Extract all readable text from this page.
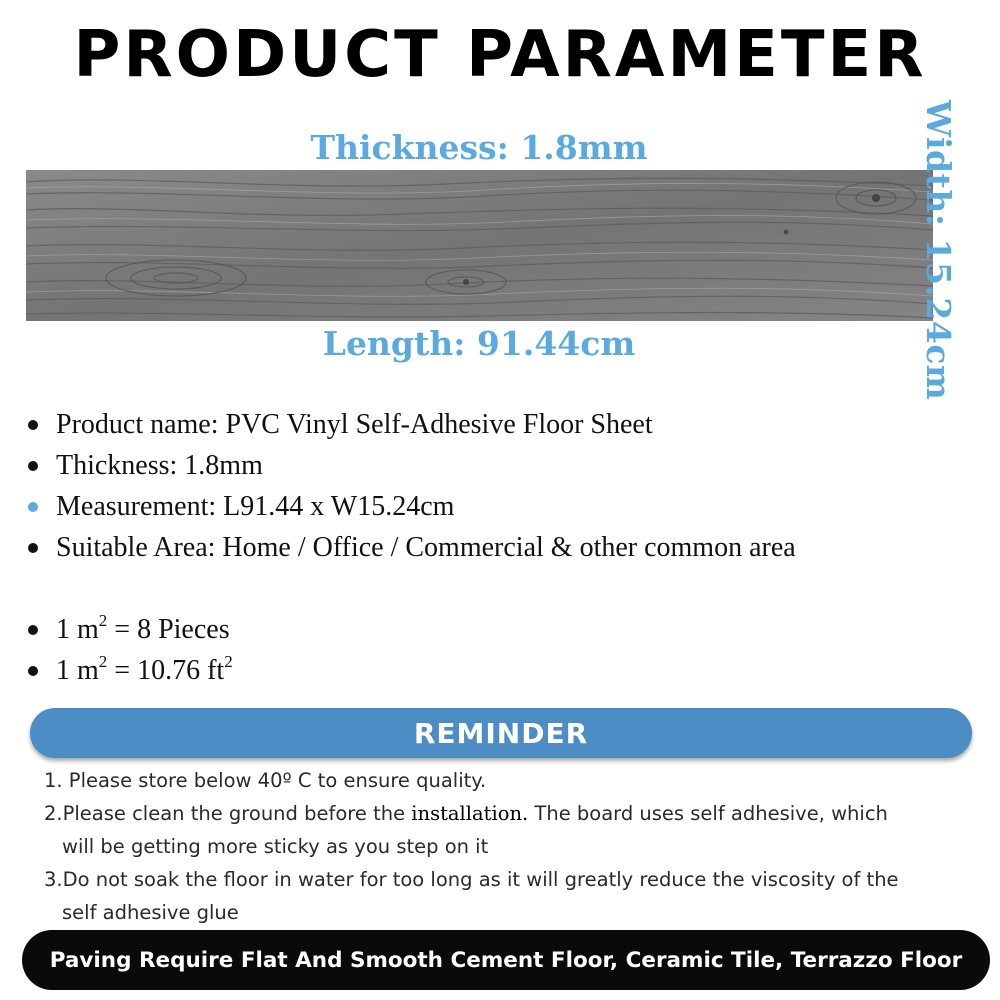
PRODUCT PARAMETER
Thickness: 1.8mm
Length: 91.44cm	Width: 15.24cm
Product name: PVC Vinyl Self-Adhesive Floor Sheet
Thickness: 1.8mm
Measurement: L91.44 x W15.24cm
Suitable Area: Home / Office / Commercial & other common area
1 $m^2 = 8$ Pieces
1 $m^2 = 10.76$ $ft^2$
REMINDER
1. Please store below 40º C to ensure quality.
2.Please clean the ground before the installation. The board uses self adhesive, which
will be getting more sticky as you step on it
3.Do not soak the floor in water for too long as it will greatly reduce the viscosity of the
self adhesive glue
Paving Require Flat And Smooth Cement Floor, Ceramic Tile, Terrazzo Floor
